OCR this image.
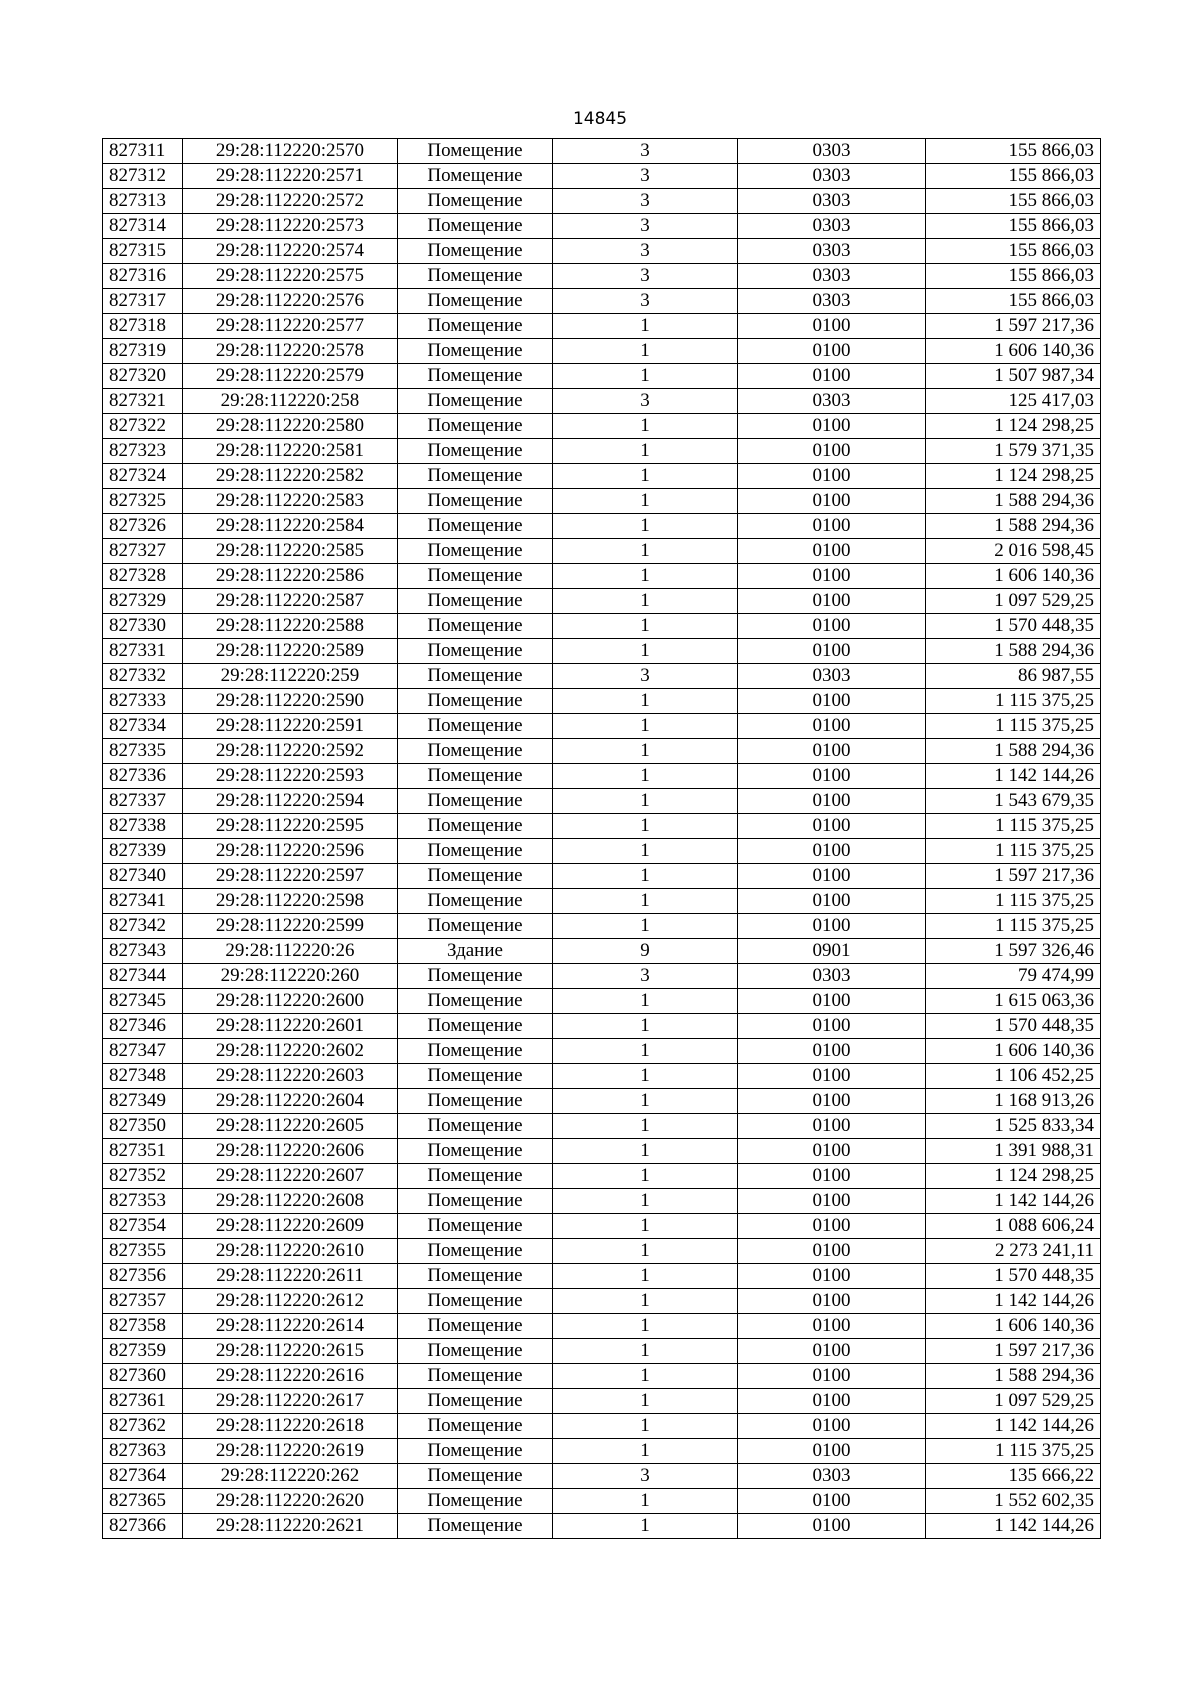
14845
827311	29:28:112220:2570	Помещение	3	0303	155 866,03
827312	29:28:112220:2571	Помещение	3	0303	155 866,03
827313	29:28:112220:2572	Помещение	3	0303	155 866,03
827314	29:28:112220:2573	Помещение	3	0303	155 866,03
827315	29:28:112220:2574	Помещение	3	0303	155 866,03
827316	29:28:112220:2575	Помещение	3	0303	155 866,03
827317	29:28:112220:2576	Помещение	3	0303	155 866,03
827318	29:28:112220:2577	Помещение	1	0100	1 597 217,36
827319	29:28:112220:2578	Помещение	1	0100	1 606 140,36
827320	29:28:112220:2579	Помещение	1	0100	1 507 987,34
827321	29:28:112220:258	Помещение	3	0303	125 417,03
827322	29:28:112220:2580	Помещение	1	0100	1 124 298,25
827323	29:28:112220:2581	Помещение	1	0100	1 579 371,35
827324	29:28:112220:2582	Помещение	1	0100	1 124 298,25
827325	29:28:112220:2583	Помещение	1	0100	1 588 294,36
827326	29:28:112220:2584	Помещение	1	0100	1 588 294,36
827327	29:28:112220:2585	Помещение	1	0100	2 016 598,45
827328	29:28:112220:2586	Помещение	1	0100	1 606 140,36
827329	29:28:112220:2587	Помещение	1	0100	1 097 529,25
827330	29:28:112220:2588	Помещение	1	0100	1 570 448,35
827331	29:28:112220:2589	Помещение	1	0100	1 588 294,36
827332	29:28:112220:259	Помещение	3	0303	86 987,55
827333	29:28:112220:2590	Помещение	1	0100	1 115 375,25
827334	29:28:112220:2591	Помещение	1	0100	1 115 375,25
827335	29:28:112220:2592	Помещение	1	0100	1 588 294,36
827336	29:28:112220:2593	Помещение	1	0100	1 142 144,26
827337	29:28:112220:2594	Помещение	1	0100	1 543 679,35
827338	29:28:112220:2595	Помещение	1	0100	1 115 375,25
827339	29:28:112220:2596	Помещение	1	0100	1 115 375,25
827340	29:28:112220:2597	Помещение	1	0100	1 597 217,36
827341	29:28:112220:2598	Помещение	1	0100	1 115 375,25
827342	29:28:112220:2599	Помещение	1	0100	1 115 375,25
827343	29:28:112220:26	Здание	9	0901	1 597 326,46
827344	29:28:112220:260	Помещение	3	0303	79 474,99
827345	29:28:112220:2600	Помещение	1	0100	1 615 063,36
827346	29:28:112220:2601	Помещение	1	0100	1 570 448,35
827347	29:28:112220:2602	Помещение	1	0100	1 606 140,36
827348	29:28:112220:2603	Помещение	1	0100	1 106 452,25
827349	29:28:112220:2604	Помещение	1	0100	1 168 913,26
827350	29:28:112220:2605	Помещение	1	0100	1 525 833,34
827351	29:28:112220:2606	Помещение	1	0100	1 391 988,31
827352	29:28:112220:2607	Помещение	1	0100	1 124 298,25
827353	29:28:112220:2608	Помещение	1	0100	1 142 144,26
827354	29:28:112220:2609	Помещение	1	0100	1 088 606,24
827355	29:28:112220:2610	Помещение	1	0100	2 273 241,11
827356	29:28:112220:2611	Помещение	1	0100	1 570 448,35
827357	29:28:112220:2612	Помещение	1	0100	1 142 144,26
827358	29:28:112220:2614	Помещение	1	0100	1 606 140,36
827359	29:28:112220:2615	Помещение	1	0100	1 597 217,36
827360	29:28:112220:2616	Помещение	1	0100	1 588 294,36
827361	29:28:112220:2617	Помещение	1	0100	1 097 529,25
827362	29:28:112220:2618	Помещение	1	0100	1 142 144,26
827363	29:28:112220:2619	Помещение	1	0100	1 115 375,25
827364	29:28:112220:262	Помещение	3	0303	135 666,22
827365	29:28:112220:2620	Помещение	1	0100	1 552 602,35
827366	29:28:112220:2621	Помещение	1	0100	1 142 144,26
